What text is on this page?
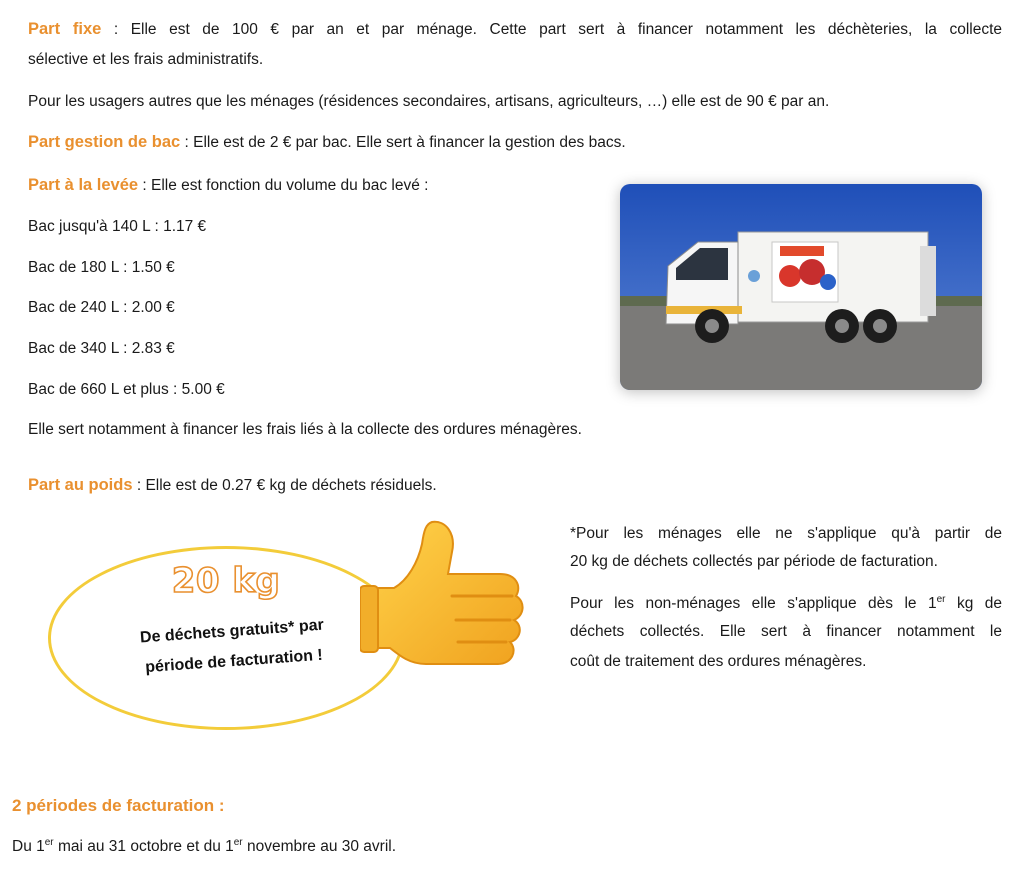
Part fixe : Elle est de 100 € par an et par ménage. Cette part sert à financer notamment les déchèteries, la collecte

sélective et les frais administratifs.

Pour les usagers autres que les ménages (résidences secondaires, artisans, agriculteurs, …) elle est de 90 € par an.

Part gestion de bac : Elle est de 2 € par bac. Elle sert à financer la gestion des bacs.

Part à la levée : Elle est fonction du volume du bac levé :

Bac jusqu'à 140 L : 1.17 €

Bac de 180 L : 1.50 €

Bac de 240 L : 2.00 €

Bac de 340 L : 2.83 €

Bac de 660 L et plus : 5.00 €

Elle sert notamment à financer les frais liés à la collecte des ordures ménagères.

Part au poids : Elle est de 0.27 € kg de déchets résiduels.

20 kg
De déchets gratuits* par
période de facturation !

*Pour les ménages elle ne s'applique qu'à partir de

20 kg de déchets collectés par période de facturation.

Pour les non-ménages elle s'applique dès le 1er kg de

déchets collectés. Elle sert à financer notamment le

coût de traitement des ordures ménagères.

2 périodes de facturation :

Du 1er mai au 31 octobre et du 1er novembre au 30 avril.
